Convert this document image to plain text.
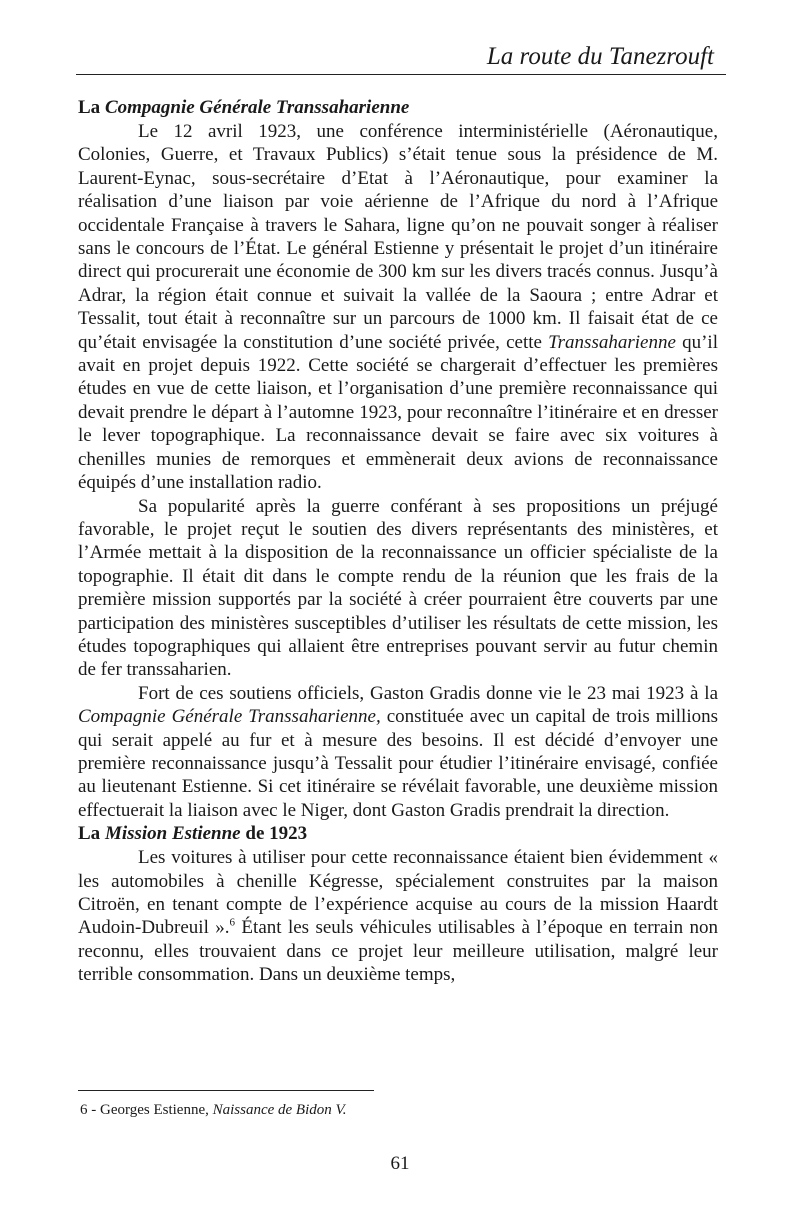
La route du Tanezrouft
La Compagnie Générale Transsaharienne

Le 12 avril 1923, une conférence interministérielle (Aéronautique, Colonies, Guerre, et Travaux Publics) s’était tenue sous la présidence de M. Laurent-Eynac, sous-secrétaire d’Etat à l’Aéronautique, pour examiner la réalisation d’une liaison par voie aérienne de l’Afrique du nord à l’Afrique occidentale Française à travers le Sahara, ligne qu’on ne pouvait songer à réaliser sans le concours de l’État. Le général Estienne y présentait le projet d’un itinéraire direct qui procurerait une économie de 300 km sur les divers tracés connus. Jusqu’à Adrar, la région était connue et suivait la vallée de la Saoura ; entre Adrar et Tessalit, tout était à reconnaître sur un parcours de 1000 km. Il faisait état de ce qu’était envisagée la constitution d’une société privée, cette Transsaharienne qu’il avait en projet depuis 1922. Cette société se chargerait d’effectuer les premières études en vue de cette liaison, et l’organisation d’une première reconnaissance qui devait prendre le départ à l’automne 1923, pour reconnaître l’itinéraire et en dresser le lever topographique. La reconnaissance devait se faire avec six voitures à chenilles munies de remorques et emmènerait deux avions de reconnaissance équipés d’une installation radio.

Sa popularité après la guerre conférant à ses propositions un préjugé favorable, le projet reçut le soutien des divers représentants des ministères, et l’Armée mettait à la disposition de la reconnaissance un officier spécialiste de la topographie. Il était dit dans le compte rendu de la réunion que les frais de la première mission supportés par la société à créer pourraient être couverts par une participation des ministères susceptibles d’utiliser les résultats de cette mission, les études topographiques qui allaient être entreprises pouvant servir au futur chemin de fer transsaharien.

Fort de ces soutiens officiels, Gaston Gradis donne vie le 23 mai 1923 à la Compagnie Générale Transsaharienne, constituée avec un capital de trois millions qui serait appelé au fur et à mesure des besoins. Il est décidé d’envoyer une première reconnaissance jusqu’à Tessalit pour étudier l’itinéraire envisagé, confiée au lieutenant Estienne. Si cet itinéraire se révélait favorable, une deuxième mission effectuerait la liaison avec le Niger, dont Gaston Gradis prendrait la direction.

La Mission Estienne de 1923

Les voitures à utiliser pour cette reconnaissance étaient bien évidemment « les automobiles à chenille Kégresse, spécialement construites par la maison Citroën, en tenant compte de l’expérience acquise au cours de la mission Haardt Audoin-Dubreuil ».$^6$ Étant les seuls véhicules utilisables à l’époque en terrain non reconnu, elles trouvaient dans ce projet leur meilleure utilisation, malgré leur terrible consommation. Dans un deuxième temps,

6 - Georges Estienne, Naissance de Bidon V.
61
